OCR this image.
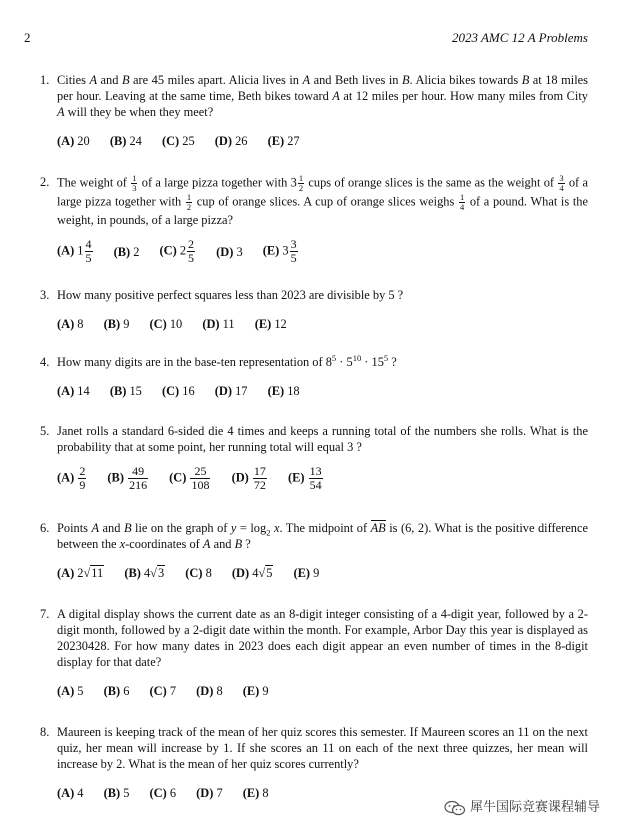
2	2023 AMC 12 A Problems
1. Cities A and B are 45 miles apart. Alicia lives in A and Beth lives in B. Alicia bikes towards B at 18 miles per hour. Leaving at the same time, Beth bikes toward A at 12 miles per hour. How many miles from City A will they be when they meet?
(A) 20 (B) 24 (C) 25 (D) 26 (E) 27
2. The weight of $\frac{1}{3}$ of a large pizza together with $3 \frac{1}{2}$ cups of orange slices is the same as the weight of $\frac{3}{4}$ of a large pizza together with $\frac{1}{2}$ cup of orange slices. A cup of orange slices weighs $\frac{1}{4}$ of a pound. What is the weight, in pounds, of a large pizza?
(A) $1 \frac{4}{5} (B)$ 2 (C) $2 \frac{2}{5} (D)$ 3 (E) $3 \frac{3}{5}$
3. How many positive perfect squares less than 2023 are divisible by 5 ?
(A) 8 (B) 9 (C) 10 (D) 11 (E) 12
4. How many digits are in the base-ten representation of $8^5 \cdot 5^{10} \cdot 15^5$ ?
(A) 14 (B) 15 (C) 16 (D) 17 (E) 18
5. Janet rolls a standard 6-sided die 4 times and keeps a running total of the numbers she rolls. What is the probability that at some point, her running total will equal 3 ?
$(A) \frac{2}{9} (B) \frac{49}{216} (C) \frac{25}{108} (D) \frac{17}{72} (E) \frac{13}{54}$
6. Points A and B lie on the graph of $y = \log_2 x$. The midpoint of AB is (6, 2). What is the positive difference between the x-coordinates of A and B ?
(A) 2√11 (B) 4√3 (C) 8 (D) 4√5 (E) 9
7. A digital display shows the current date as an 8-digit integer consisting of a 4-digit year, followed by a 2-digit month, followed by a 2-digit date within the month. For example, Arbor Day this year is displayed as 20230428. For how many dates in 2023 does each digit appear an even number of times in the 8-digit display for that date?
(A) 5 (B) 6 (C) 7 (D) 8 (E) 9
8. Maureen is keeping track of the mean of her quiz scores this semester. If Maureen scores an 11 on the next quiz, her mean will increase by 1. If she scores an 11 on each of the next three quizzes, her mean will increase by 2. What is the mean of her quiz scores currently?
(A) 4 (B) 5 (C) 6 (D) 7 (E) 8
犀牛国际竞赛课程辅导
